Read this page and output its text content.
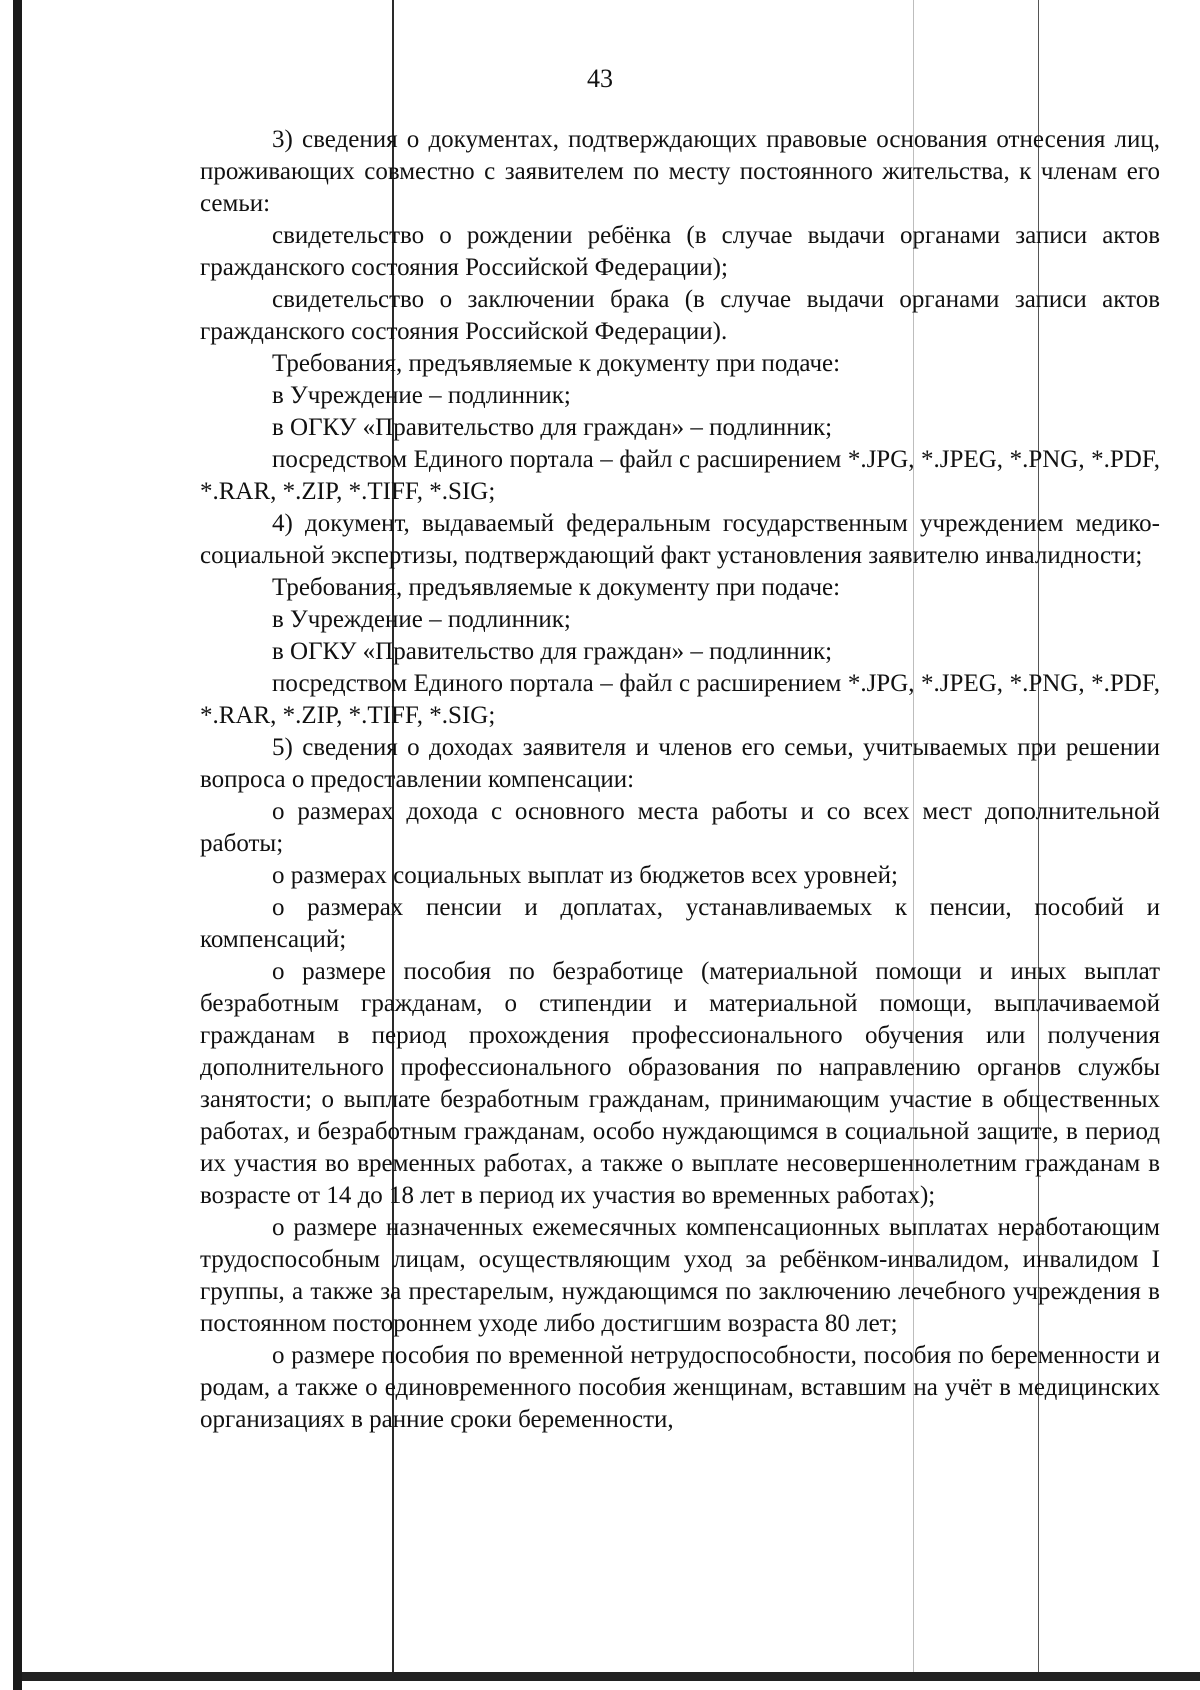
43

3) сведения о документах, подтверждающих правовые основания отнесения лиц, проживающих совместно с заявителем по месту постоянного жительства, к членам его семьи:

свидетельство о рождении ребёнка (в случае выдачи органами записи актов гражданского состояния Российской Федерации);

свидетельство о заключении брака (в случае выдачи органами записи актов гражданского состояния Российской Федерации).

Требования, предъявляемые к документу при подаче:

в Учреждение – подлинник;

в ОГКУ «Правительство для граждан» – подлинник;

посредством Единого портала – файл с расширением *.JPG, *.JPEG, *.PNG, *.PDF, *.RAR, *.ZIP, *.TIFF, *.SIG;

4) документ, выдаваемый федеральным государственным учреждением медико-социальной экспертизы, подтверждающий факт установления заявителю инвалидности;

Требования, предъявляемые к документу при подаче:

в Учреждение – подлинник;

в ОГКУ «Правительство для граждан» – подлинник;

посредством Единого портала – файл с расширением *.JPG, *.JPEG, *.PNG, *.PDF, *.RAR, *.ZIP, *.TIFF, *.SIG;

5) сведения о доходах заявителя и членов его семьи, учитываемых при решении вопроса о предоставлении компенсации:

о размерах дохода с основного места работы и со всех мест дополнительной работы;

о размерах социальных выплат из бюджетов всех уровней;

о размерах пенсии и доплатах, устанавливаемых к пенсии, пособий и компенсаций;

о размере пособия по безработице (материальной помощи и иных выплат безработным гражданам, о стипендии и материальной помощи, выплачиваемой гражданам в период прохождения профессионального обучения или получения дополнительного профессионального образования по направлению органов службы занятости; о выплате безработным гражданам, принимающим участие в общественных работах, и безработным гражданам, особо нуждающимся в социальной защите, в период их участия во временных работах, а также о выплате несовершеннолетним гражданам в возрасте от 14 до 18 лет в период их участия во временных работах);

о размере назначенных ежемесячных компенсационных выплатах неработающим трудоспособным лицам, осуществляющим уход за ребёнком-инвалидом, инвалидом I группы, а также за престарелым, нуждающимся по заключению лечебного учреждения в постоянном постороннем уходе либо достигшим возраста 80 лет;

о размере пособия по временной нетрудоспособности, пособия по беременности и родам, а также о единовременного пособия женщинам, вставшим на учёт в медицинских организациях в ранние сроки беременности,
